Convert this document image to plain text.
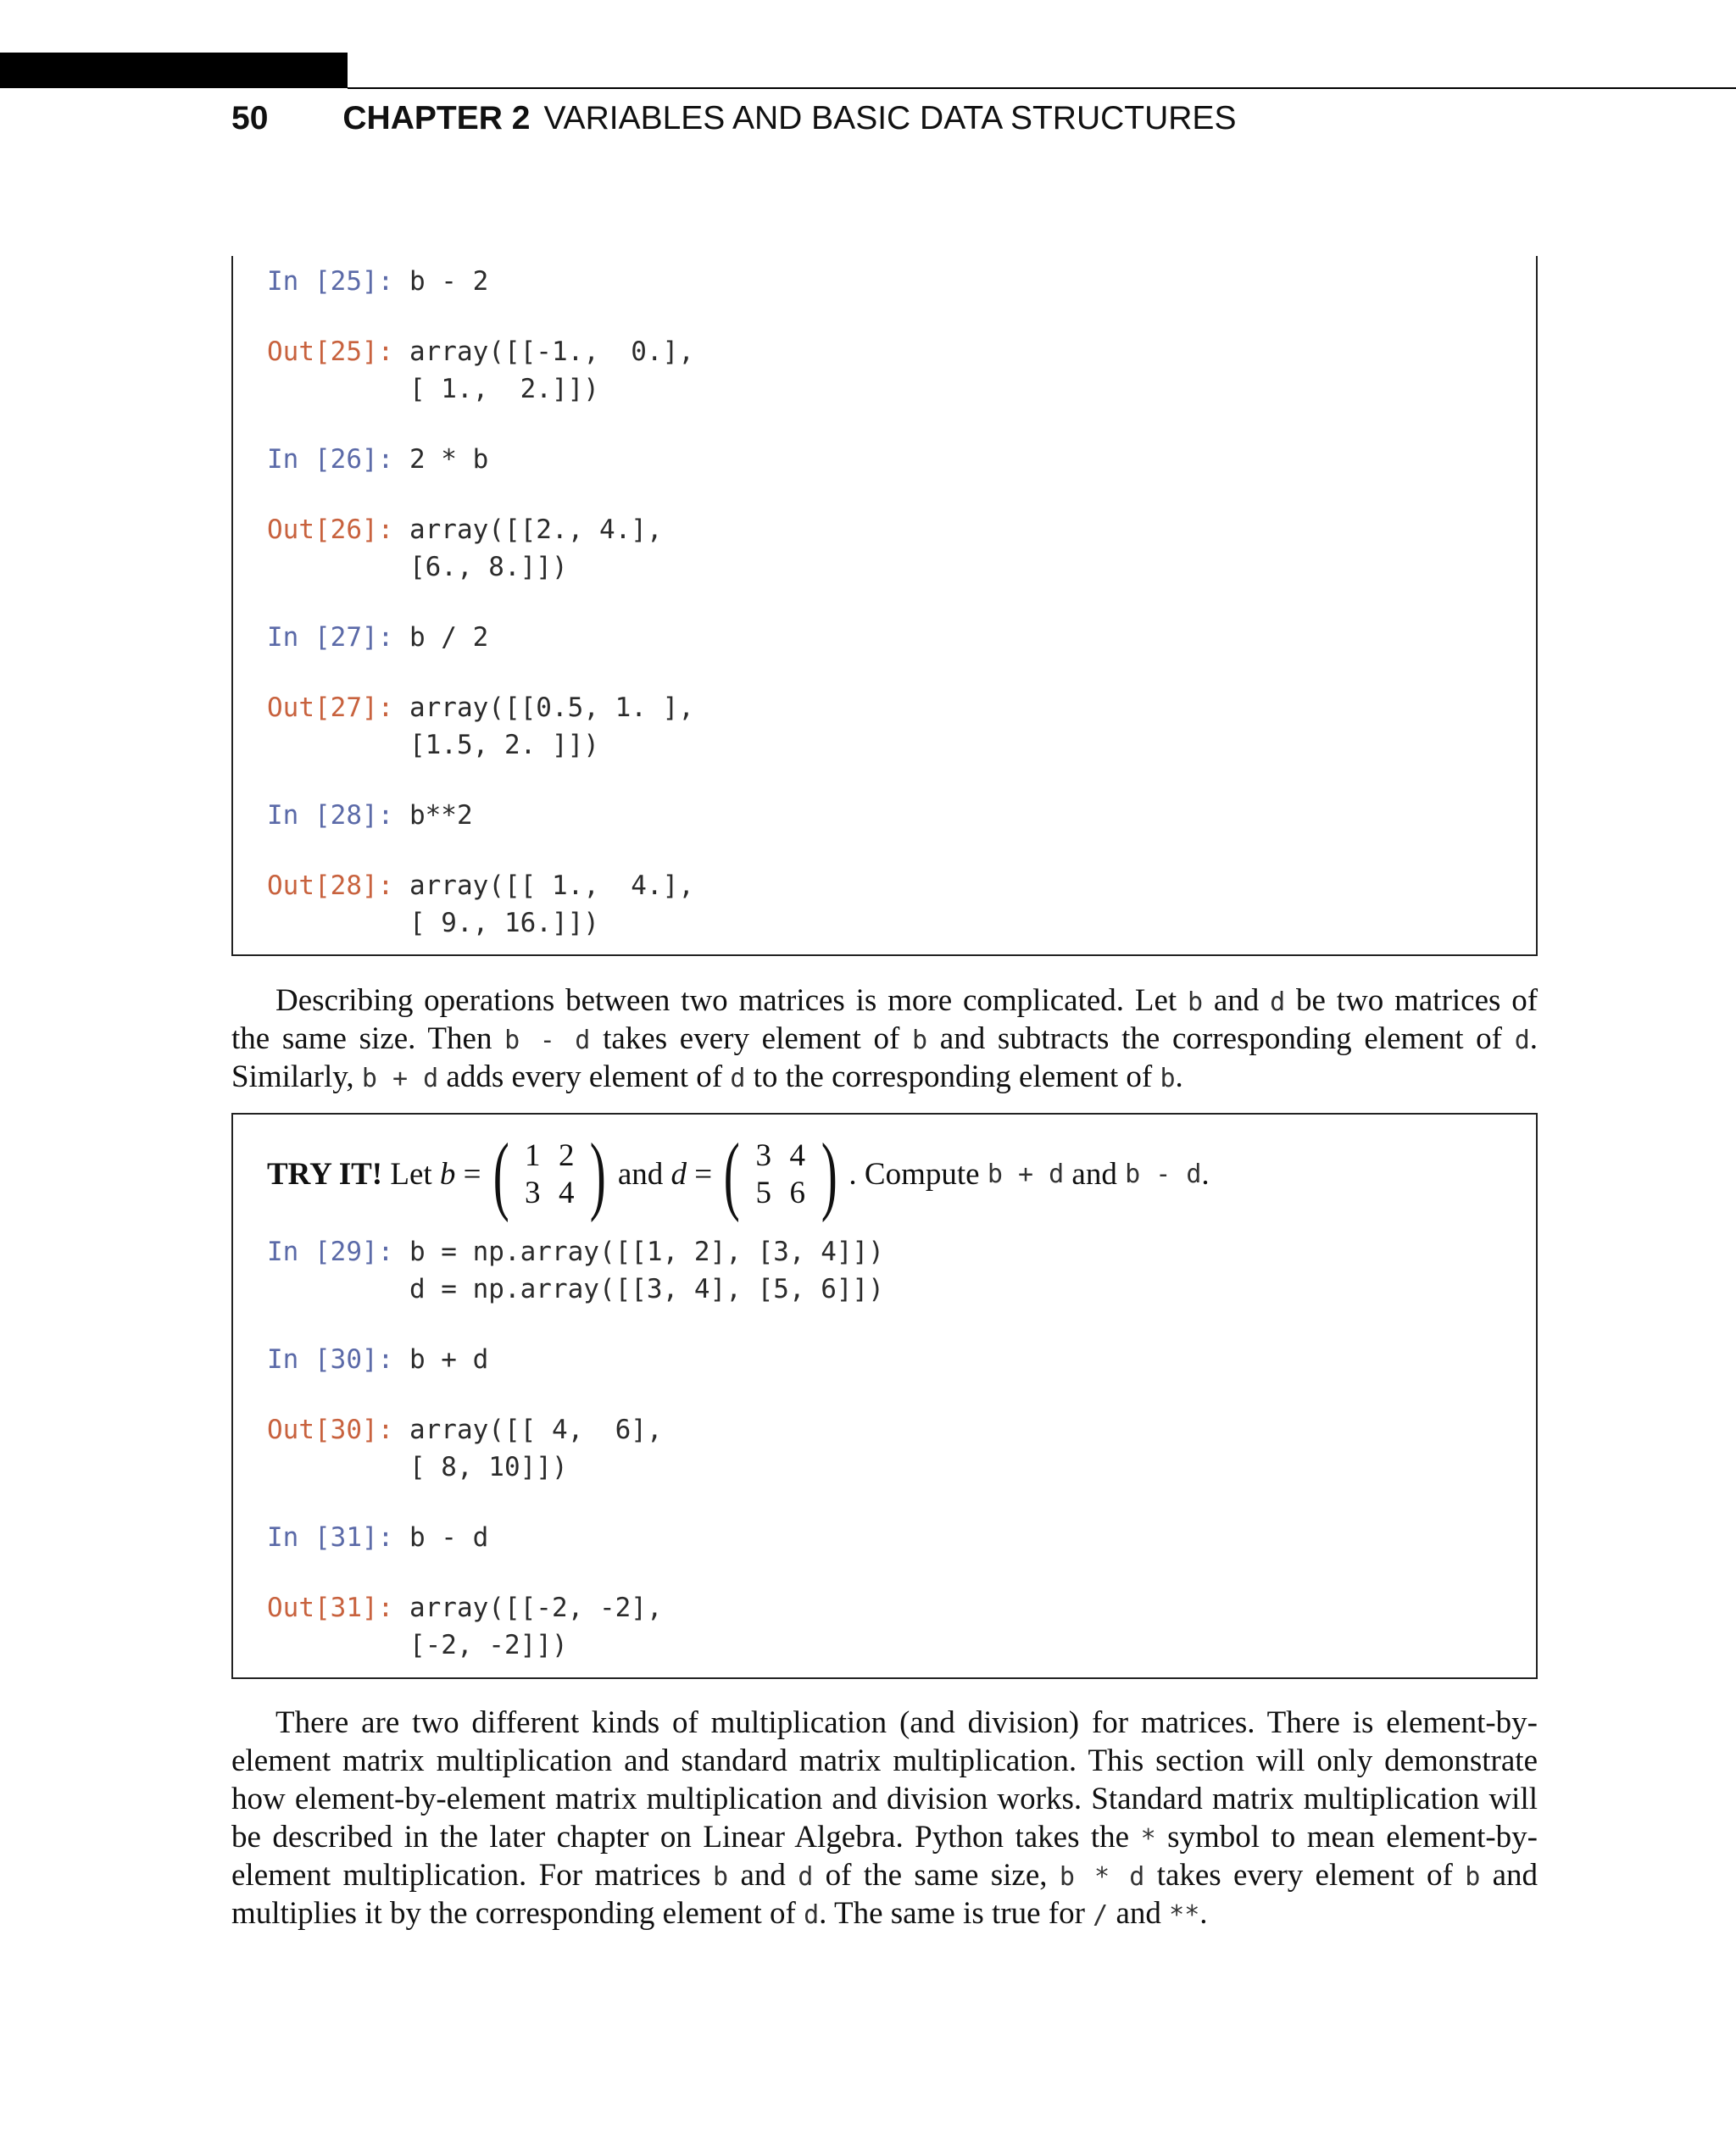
50 CHAPTER 2 VARIABLES AND BASIC DATA STRUCTURES
In [25]: b - 2
Out[25]: array([[-1.,  0.],
[ 1.,  2.]])
In [26]: 2 * b
Out[26]: array([[2., 4.],
[6., 8.]])
In [27]: b / 2
Out[27]: array([[0.5, 1. ],
[1.5, 2. ]])
In [28]: b**2
Out[28]: array([[ 1.,  4.],
[ 9., 16.]])
Describing operations between two matrices is more complicated. Let b and d be two matrices of
the same size. Then b - d takes every element of b and subtracts the corresponding element of d.
Similarly, b + d adds every element of d to the corresponding element of b.
TRY IT!
Let
b
= ( 1 2
3 4 ) and
d
= ( 3 4
5 6 ) . Compute
b + d
and
b - d .
In [29]: b = np.array([[1, 2], [3, 4]])
d = np.array([[3, 4], [5, 6]])
In [30]: b + d
Out[30]: array([[ 4,  6],
[ 8, 10]])
In [31]: b - d
Out[31]: array([[-2, -2],
[-2, -2]])
There are two different kinds of multiplication (and division) for matrices. There is element-by-
element matrix multiplication and standard matrix multiplication. This section will only demonstrate
how element-by-element matrix multiplication and division works. Standard matrix multiplication will
be described in the later chapter on Linear Algebra. Python takes the * symbol to mean element-by-
element multiplication. For matrices b and d of the same size, b * d takes every element of b and
multiplies it by the corresponding element of d. The same is true for / and **.
